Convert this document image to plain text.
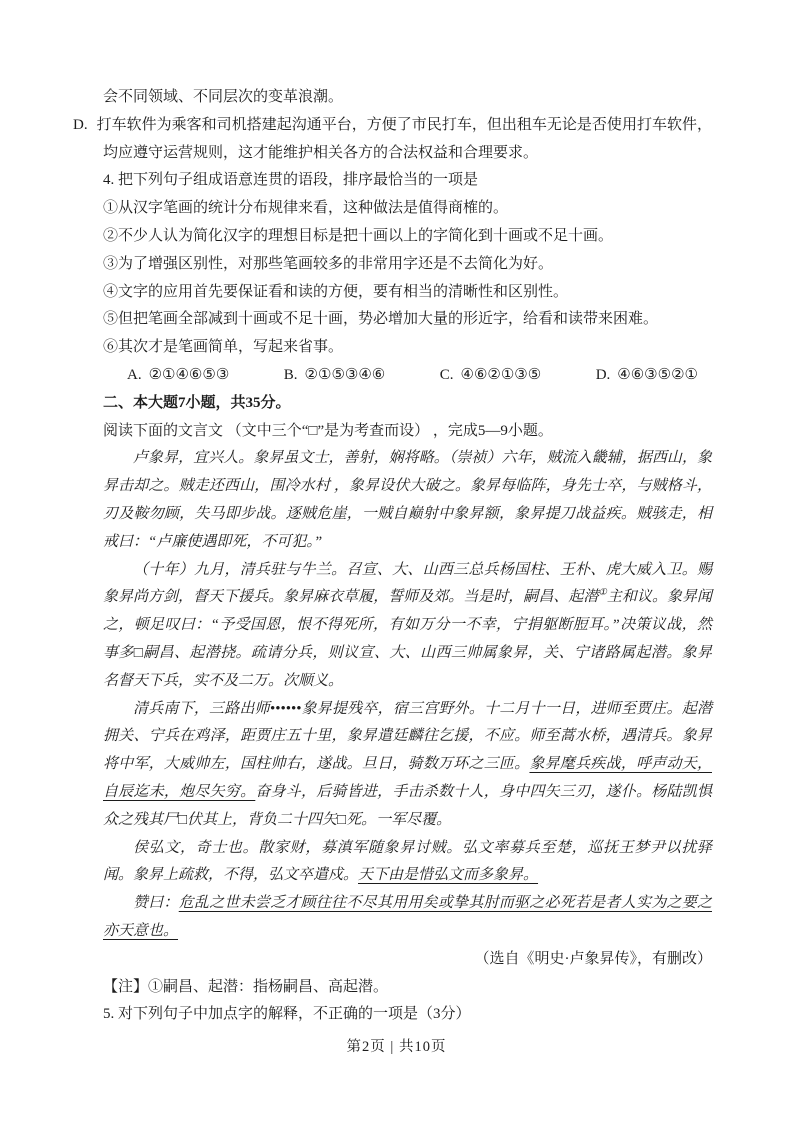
会不同领域、不同层次的变革浪潮。

D. 打车软件为乘客和司机搭建起沟通平台，方便了市民打车，但出租车无论是否使用打车软件，均应遵守运营规则，这才能维护相关各方的合法权益和合理要求。

4. 把下列句子组成语意连贯的语段，排序最恰当的一项是
①从汉字笔画的统计分布规律来看，这种做法是值得商榷的。
②不少人认为简化汉字的理想目标是把十画以上的字简化到十画或不足十画。
③为了增强区别性，对那些笔画较多的非常用字还是不去简化为好。
④文字的应用首先要保证看和读的方便，要有相当的清晰性和区别性。
⑤但把笔画全部减到十画或不足十画，势必增加大量的形近字，给看和读带来困难。
⑥其次才是笔画简单，写起来省事。
A. ②①④⑥⑤③	B. ②①⑤③④⑥	C. ④⑥②①③⑤	D. ④⑥③⑤②①
二、本大题7小题，共35分。
阅读下面的文言文 （文中三个“□”是为考查而设） ，完成5—9小题。

卢象昇，宜兴人。象昇虽文士，善射，娴将略。（崇祯）六年，贼流入畿辅，据西山，象昇击却之。贼走还西山，围冷水村 ，象昇设伏大破之。象昇每临阵，身先士卒，与贼格斗，刃及鞍勿顾，失马即步战。逐贼危崖，一贼自巅射中象昇额，象昇提刀战益疾。贼骇走，相戒曰：“卢廉使遇即死，不可犯。”

（十年）九月，清兵驻与牛兰。召宣、大、山西三总兵杨国柱、王朴、虎大威入卫。赐象昇尚方剑，督天下援兵。象昇麻衣草履，誓师及郊。当是时，嗣昌、起潜①主和议。象昇闻之，顿足叹曰：“予受国恩，恨不得死所，有如万分一不幸，宁捐躯断脰耳。”决策议战，然事多□嗣昌、起潜挠。疏请分兵，则议宣、大、山西三帅属象昇，关、宁诸路属起潜。象昇名督天下兵，实不及二万。次顺义。

清兵南下，三路出师••••••象昇提残卒，宿三宫野外。十二月十一日，进师至贾庄。起潜拥关、宁兵在鸡泽，距贾庄五十里，象昇遣廷麟往乞援，不应。师至蒿水桥，遇清兵。象昇将中军，大威帅左，国柱帅右，遂战。旦日，骑数万环之三匝。象昇麾兵疾战，呼声动天，自辰迄未，炮尽矢穷。奋身斗，后骑皆进，手击杀数十人，身中四矢三刃，遂仆。杨陆凯惧众之残其尸□伏其上，背负二十四矢□死。一军尽覆。

侯弘文，奇士也。散家财，募滇军随象昇讨贼。弘文率募兵至楚，巡抚王梦尹以扰驿闻。象昇上疏救，不得，弘文卒遣戍。天下由是惜弘文而多象昇。

赞曰：危乱之世未尝乏才顾往往不尽其用用矣或挚其肘而驱之必死若是者人实为之要之亦天意也。

（选自《明史·卢象昇传》，有删改）
【注】①嗣昌、起潜：指杨嗣昌、高起潜。
5. 对下列句子中加点字的解释，不正确的一项是（3分）
第2页 | 共10页
